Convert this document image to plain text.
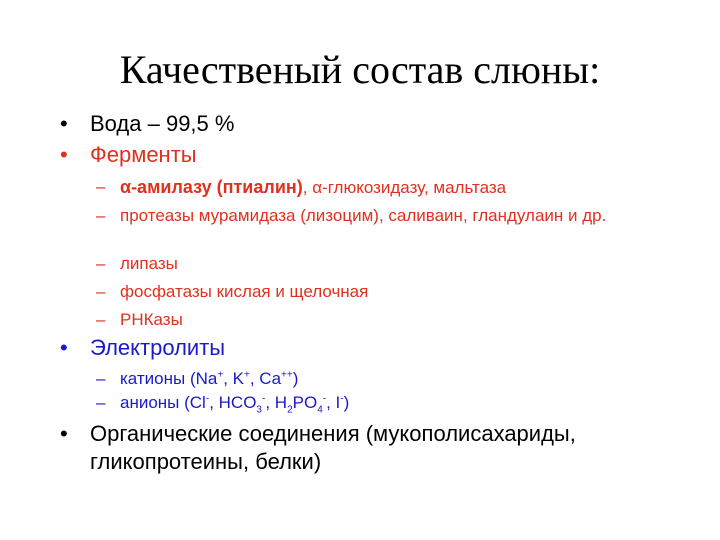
Качественый состав слюны:
• Вода – 99,5 %
• Ферменты
– α-амилазу (птиалин), α-глюкозидазу, мальтаза
– протеазы мурамидаза (лизоцим), саливаин, гландулаин и др.
– липазы
– фосфатазы кислая и щелочная
– РНКазы
• Электролиты
– катионы (Na+, K+, Ca++)
– анионы (Cl-, $HCO_3^-$, $H_2PO_4^-$, I-)
• Органические соединения (мукополисахариды, гликопротеины, белки)
